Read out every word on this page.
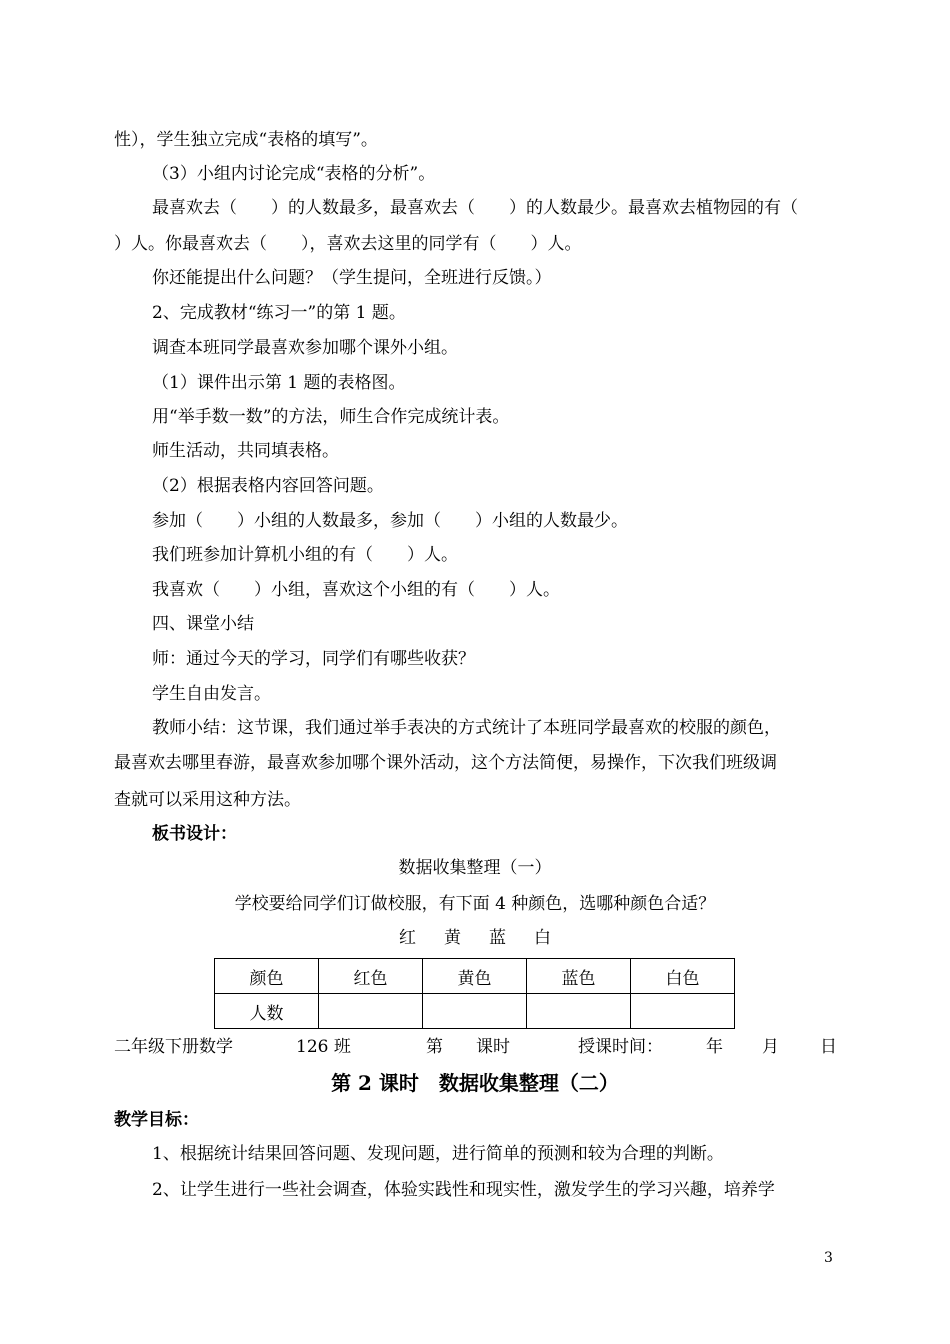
性），学生独立完成“表格的填写”。
（3）小组内讨论完成“表格的分析”。
最喜欢去（　　）的人数最多，最喜欢去（　　）的人数最少。最喜欢去植物园的有（
）人。你最喜欢去（　　），喜欢去这里的同学有（　　）人。
你还能提出什么问题？（学生提问，全班进行反馈。）
2、完成教材“练习一”的第 1 题。
调查本班同学最喜欢参加哪个课外小组。
（1）课件出示第 1 题的表格图。
用“举手数一数”的方法，师生合作完成统计表。
师生活动，共同填表格。
（2）根据表格内容回答问题。
参加（　　）小组的人数最多，参加（　　）小组的人数最少。
我们班参加计算机小组的有（　　）人。
我喜欢（　　）小组，喜欢这个小组的有（　　）人。
四、课堂小结
师：通过今天的学习，同学们有哪些收获？
学生自由发言。
教师小结：这节课，我们通过举手表决的方式统计了本班同学最喜欢的校服的颜色，
最喜欢去哪里春游，最喜欢参加哪个课外活动，这个方法简便，易操作，下次我们班级调
查就可以采用这种方法。
板书设计：
数据收集整理（一）
学校要给同学们订做校服，有下面 4 种颜色，选哪种颜色合适？
红 黄 蓝 白
颜色	红色	黄色	蓝色	白色
人数				
二年级下册数学	126 班	第 课时	授课时间：	年 月 日
第 2 课时　数据收集整理（二）
教学目标：
1、根据统计结果回答问题、发现问题，进行简单的预测和较为合理的判断。
2、让学生进行一些社会调查，体验实践性和现实性，激发学生的学习兴趣，培养学
3
